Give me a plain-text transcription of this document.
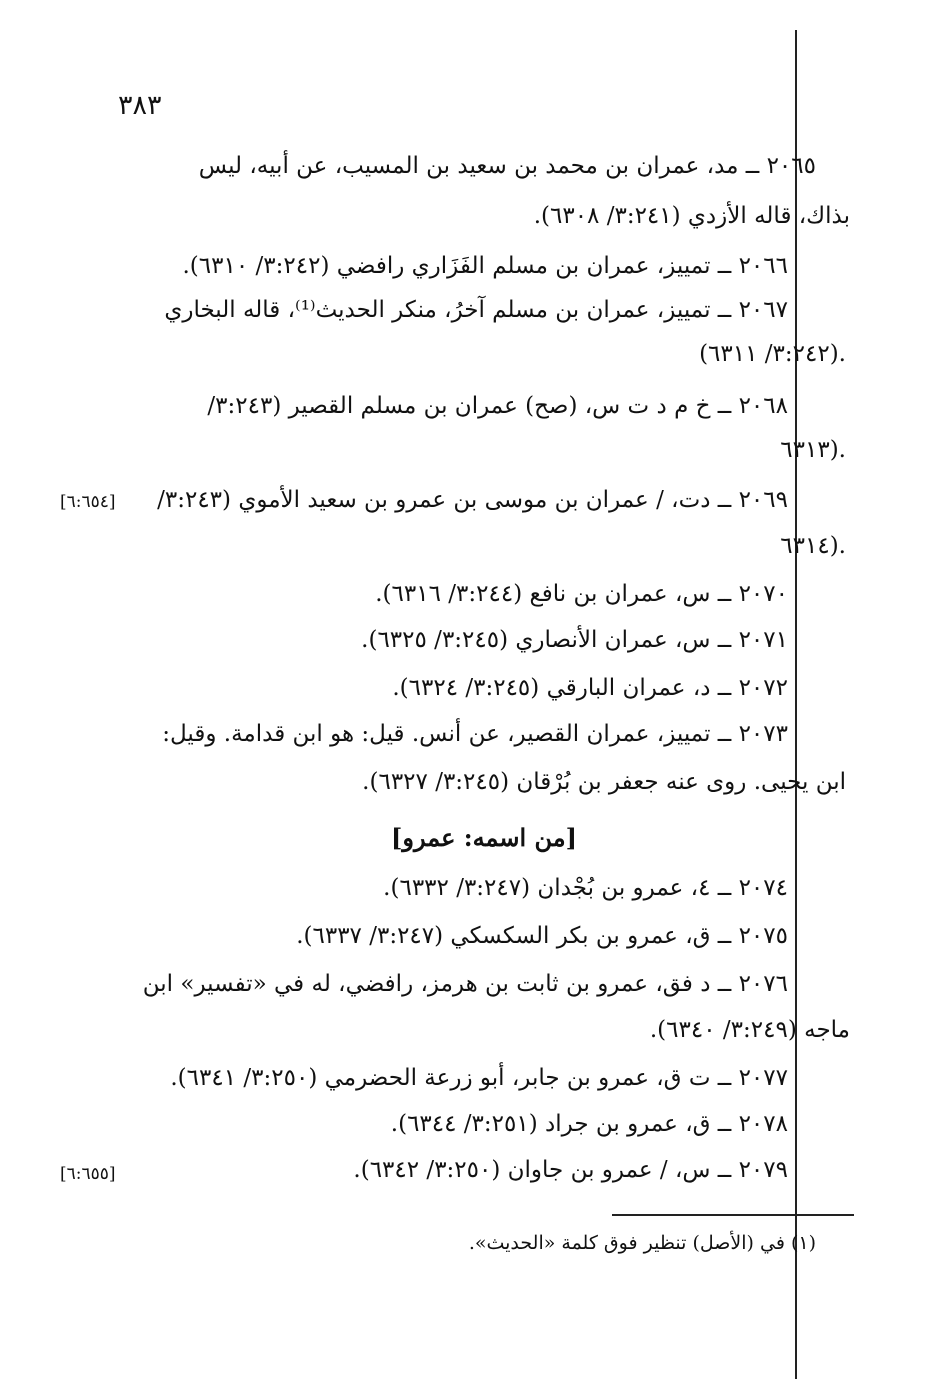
٣٨٣
٢٠٦٥ ــ مد، عمران بن محمد بن سعيد بن المسيب، عن أبيه، ليس
بذاك، قاله الأزدي (٣:٢٤١/ ٦٣٠٨).
٢٠٦٦ ــ تمييز، عمران بن مسلم الفَزَاري رافضي (٣:٢٤٢/ ٦٣١٠).
٢٠٦٧ ــ تمييز، عمران بن مسلم آخرُ، منكر الحديث⁽¹⁾، قاله البخاري
(٣:٢٤٢/ ٦٣١١).
٢٠٦٨ ــ خ م د ت س، (صح) عمران بن مسلم القصير (٣:٢٤٣/
٦٣١٣).
٢٠٦٩ ــ دت، / عمران بن موسى بن عمرو بن سعيد الأموي (٣:٢٤٣/
[٦:٦٥٤]
٦٣١٤).
٢٠٧٠ ــ س، عمران بن نافع (٣:٢٤٤/ ٦٣١٦).
٢٠٧١ ــ س، عمران الأنصاري (٣:٢٤٥/ ٦٣٢٥).
٢٠٧٢ ــ د، عمران البارقي (٣:٢٤٥/ ٦٣٢٤).
٢٠٧٣ ــ تمييز، عمران القصير، عن أنس. قيل: هو ابن قدامة. وقيل:
ابن يحيى. روى عنه جعفر بن بُرْقان (٣:٢٤٥/ ٦٣٢٧).
[من اسمه: عمرو]
٢٠٧٤ ــ ٤، عمرو بن بُجْدان (٣:٢٤٧/ ٦٣٣٢).
٢٠٧٥ ــ ق، عمرو بن بكر السكسكي (٣:٢٤٧/ ٦٣٣٧).
٢٠٧٦ ــ د فق، عمرو بن ثابت بن هرمز، رافضي، له في «تفسير» ابن
ماجه (٣:٢٤٩/ ٦٣٤٠).
٢٠٧٧ ــ ت ق، عمرو بن جابر، أبو زرعة الحضرمي (٣:٢٥٠/ ٦٣٤١).
٢٠٧٨ ــ ق، عمرو بن جراد (٣:٢٥١/ ٦٣٤٤).
٢٠٧٩ ــ س، / عمرو بن جاوان (٣:٢٥٠/ ٦٣٤٢).
[٦:٦٥٥]
(١) في (الأصل) تنظير فوق كلمة «الحديث».
